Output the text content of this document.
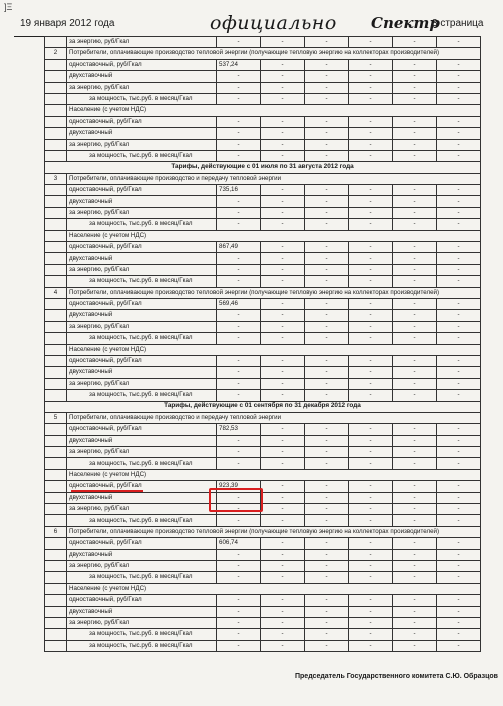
]Ξ
19 января 2012 года	официально Спектр
3 страница
	за энергию, руб/Гкал	-	-	-	-	-	-
2	Потребители, оплачивающие производство тепловой энергии (получающие тепловую энергию на коллекторах производителей)						
	одноставочный, руб/Гкал	537,24	-	-	-	-	-
	двухставочный	-	-	-	-	-	-
	за энергию, руб/Гкал	-	-	-	-	-	-
	за мощность, тыс.руб. в месяц/Гкал	-	-	-	-	-	-
	Население (с учетом НДС)						
	одноставочный, руб/Гкал	-	-	-	-	-	-
	двухставочный	-	-	-	-	-	-
	за энергию, руб/Гкал	-	-	-	-	-	-
	за мощность, тыс.руб. в месяц/Гкал	-	-	-	-	-	-
Тарифы, действующие с 01 июля по 31 августа 2012 года							
3	Потребители, оплачивающие производство и передачу тепловой энергии						
	одноставочный, руб/Гкал	735,16	-	-	-	-	-
	двухставочный	-	-	-	-	-	-
	за энергию, руб/Гкал	-	-	-	-	-	-
	за мощность, тыс.руб. в месяц/Гкал	-	-	-	-	-	-
	Население (с учетом НДС)						
	одноставочный, руб/Гкал	867,49	-	-	-	-	-
	двухставочный	-	-	-	-	-	-
	за энергию, руб/Гкал	-	-	-	-	-	-
	за мощность, тыс.руб. в месяц/Гкал	-	-	-	-	-	-
4	Потребители, оплачивающие производство тепловой энергии (получающие тепловую энергию на коллекторах производителей)						
	одноставочный, руб/Гкал	569,46	-	-	-	-	-
	двухставочный	-	-	-	-	-	-
	за энергию, руб/Гкал	-	-	-	-	-	-
	за мощность, тыс.руб. в месяц/Гкал	-	-	-	-	-	-
	Население (с учетом НДС)						
	одноставочный, руб/Гкал	-	-	-	-	-	-
	двухставочный	-	-	-	-	-	-
	за энергию, руб/Гкал	-	-	-	-	-	-
	за мощность, тыс.руб. в месяц/Гкал	-	-	-	-	-	-
Тарифы, действующие с 01 сентября по 31 декабря 2012 года							
5	Потребители, оплачивающие производство и передачу тепловой энергии						
	одноставочный, руб/Гкал	782,53	-	-	-	-	-
	двухставочный	-	-	-	-	-	-
	за энергию, руб/Гкал	-	-	-	-	-	-
	за мощность, тыс.руб. в месяц/Гкал	-	-	-	-	-	-
	Население (с учетом НДС)						
	одноставочный, руб/Гкал	923,39	-	-	-	-	-
	двухставочный	-	-	-	-	-	-
	за энергию, руб/Гкал	-	-	-	-	-	-
	за мощность, тыс.руб. в месяц/Гкал	-	-	-	-	-	-
6	Потребители, оплачивающие производство тепловой энергии (получающие тепловую энергию на коллекторах производителей)						
	одноставочный, руб/Гкал	606,74	-	-	-	-	-
	двухставочный	-	-	-	-	-	-
	за энергию, руб/Гкал	-	-	-	-	-	-
	за мощность, тыс.руб. в месяц/Гкал	-	-	-	-	-	-
	Население (с учетом НДС)						
	одноставочный, руб/Гкал	-	-	-	-	-	-
	двухставочный	-	-	-	-	-	-
	за энергию, руб/Гкал	-	-	-	-	-	-
	за мощность, тыс.руб. в месяц/Гкал	-	-	-	-	-	-
	за мощность, тыс.руб. в месяц/Гкал	-	-	-	-	-	-
Председатель Государственного комитета С.Ю. Образцов
